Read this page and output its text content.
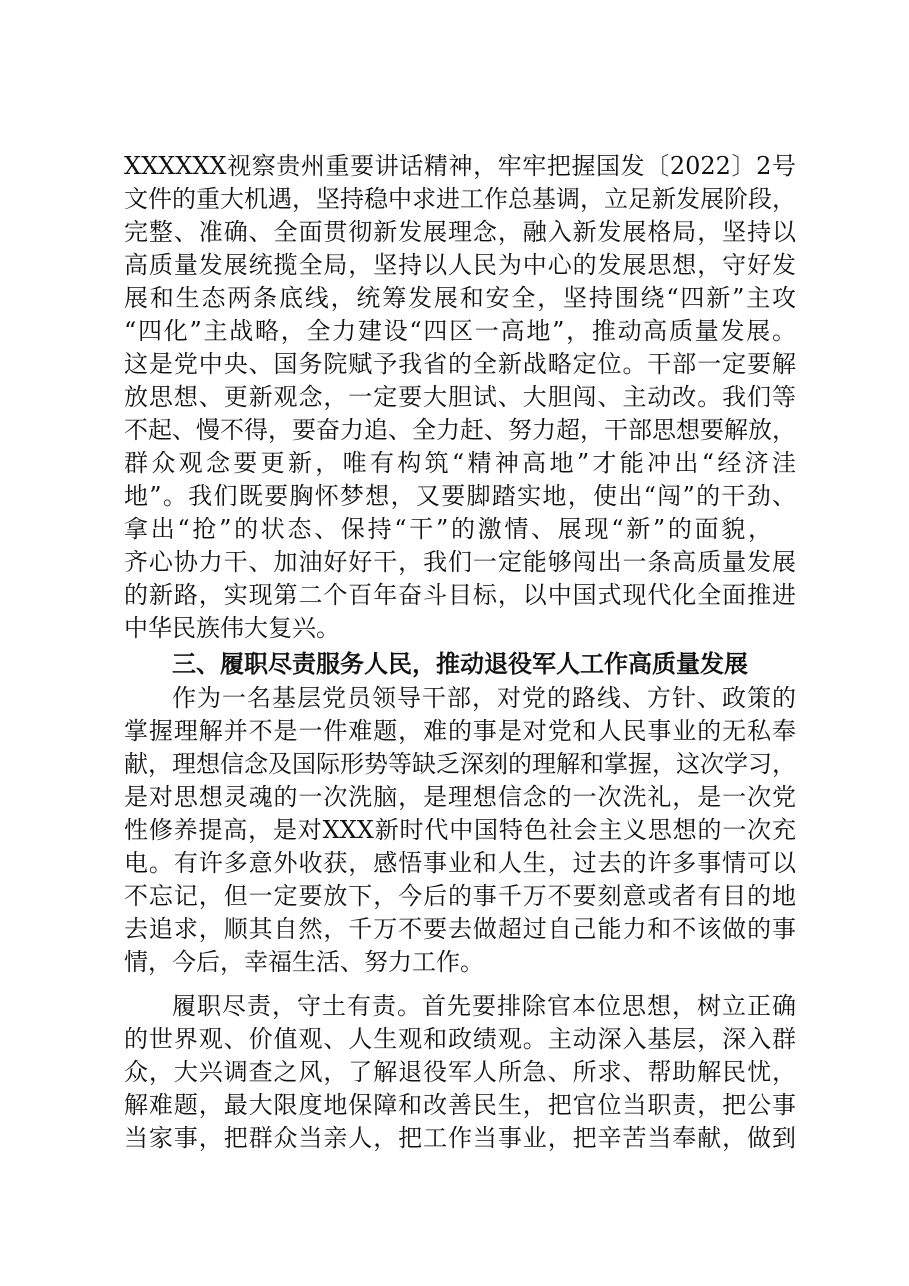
XXXXXX视察贵州重要讲话精神，牢牢把握国发〔2022〕2号
文件的重大机遇，坚持稳中求进工作总基调，立足新发展阶段，
完整、准确、全面贯彻新发展理念，融入新发展格局，坚持以
高质量发展统揽全局，坚持以人民为中心的发展思想，守好发
展和生态两条底线，统筹发展和安全，坚持围绕“四新”主攻
“四化”主战略，全力建设“四区一高地”，推动高质量发展。
这是党中央、国务院赋予我省的全新战略定位。干部一定要解
放思想、更新观念，一定要大胆试、大胆闯、主动改。我们等
不起、慢不得，要奋力追、全力赶、努力超，干部思想要解放，
群众观念要更新，唯有构筑“精神高地”才能冲出“经济洼
地”。我们既要胸怀梦想，又要脚踏实地，使出“闯”的干劲、
拿出“抢”的状态、保持“干”的激情、展现“新”的面貌，
齐心协力干、加油好好干，我们一定能够闯出一条高质量发展
的新路，实现第二个百年奋斗目标，以中国式现代化全面推进
中华民族伟大复兴。
三、履职尽责服务人民，推动退役军人工作高质量发展
作为一名基层党员领导干部，对党的路线、方针、政策的
掌握理解并不是一件难题，难的事是对党和人民事业的无私奉
献，理想信念及国际形势等缺乏深刻的理解和掌握，这次学习，
是对思想灵魂的一次洗脑，是理想信念的一次洗礼，是一次党
性修养提高，是对XXX新时代中国特色社会主义思想的一次充
电。有许多意外收获，感悟事业和人生，过去的许多事情可以
不忘记，但一定要放下，今后的事千万不要刻意或者有目的地
去追求，顺其自然，千万不要去做超过自己能力和不该做的事
情，今后，幸福生活、努力工作。
履职尽责，守土有责。首先要排除官本位思想，树立正确
的世界观、价值观、人生观和政绩观。主动深入基层，深入群
众，大兴调查之风，了解退役军人所急、所求、帮助解民忧，
解难题，最大限度地保障和改善民生，把官位当职责，把公事
当家事，把群众当亲人，把工作当事业，把辛苦当奉献，做到
